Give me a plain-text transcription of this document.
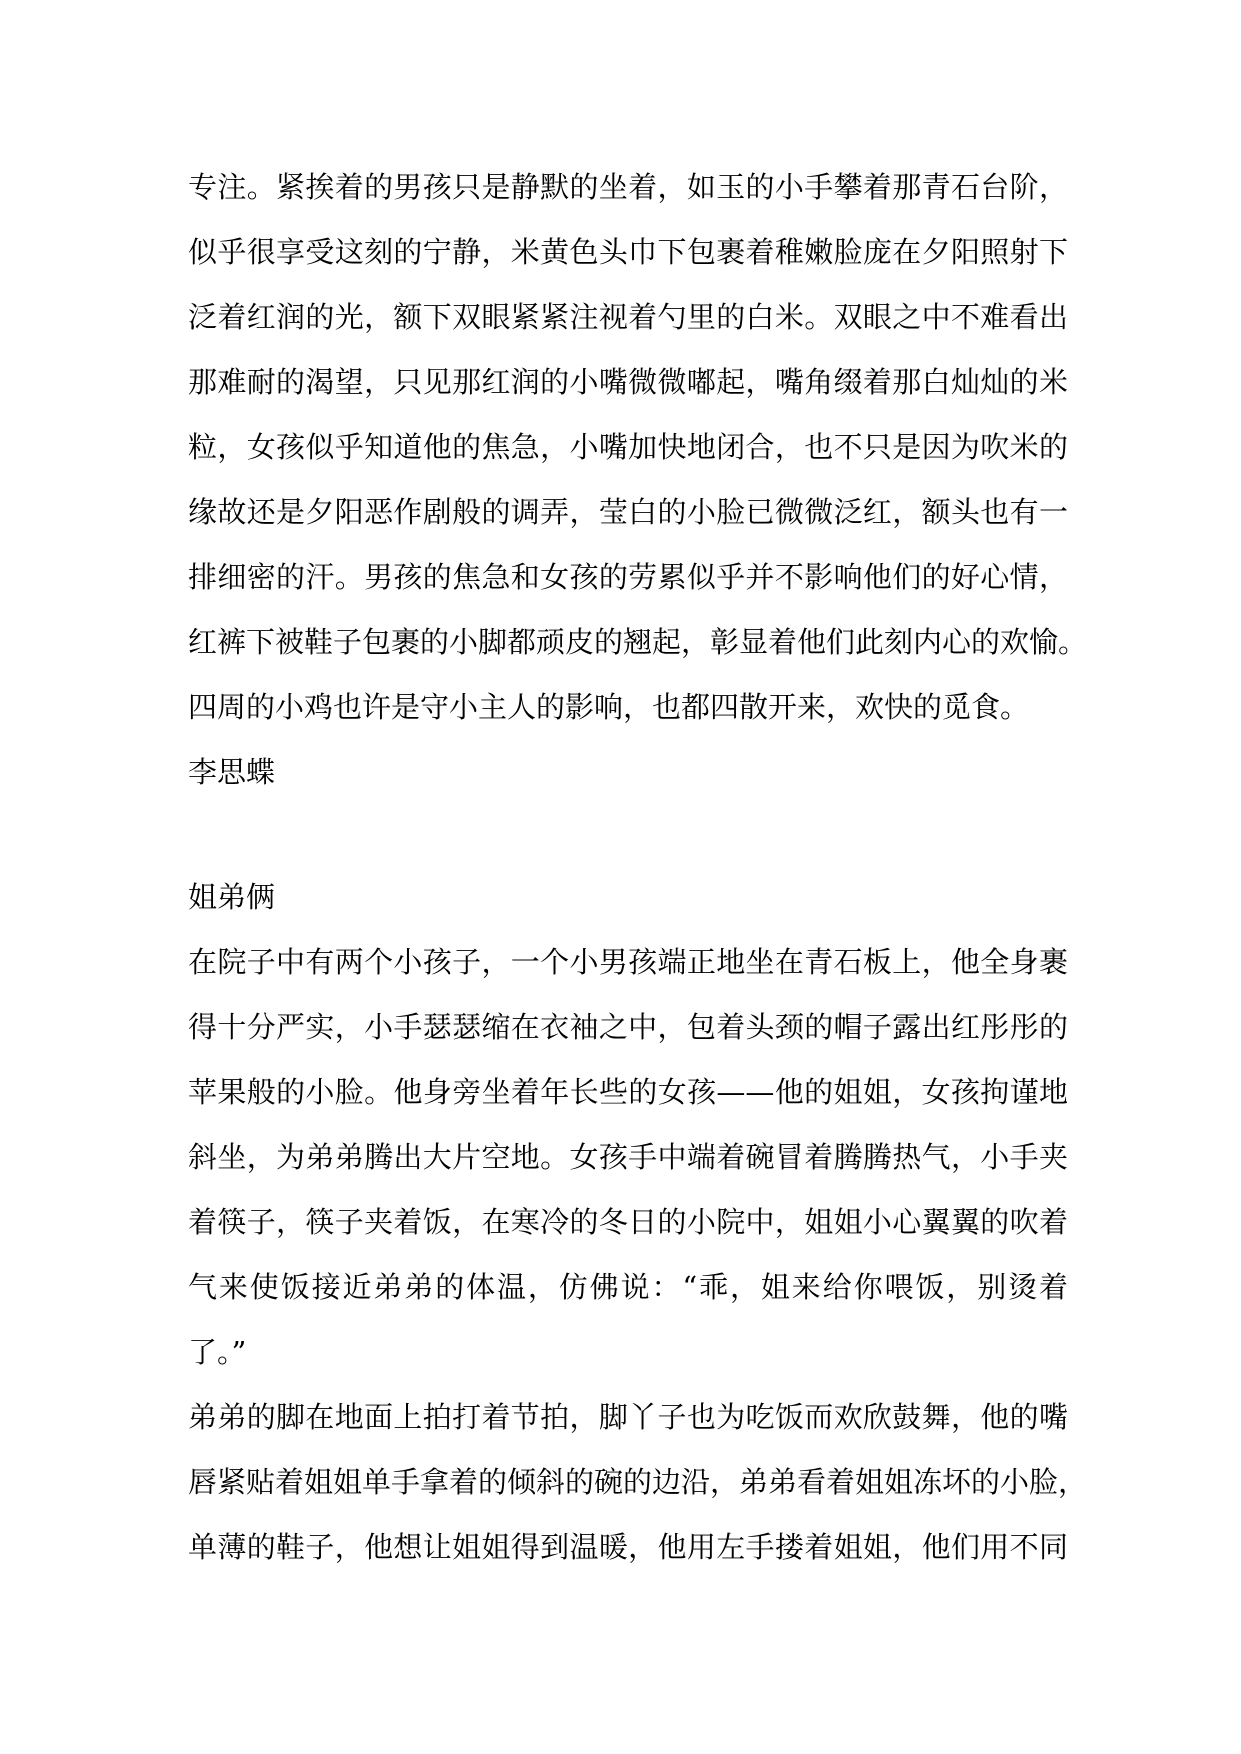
专注。紧挨着的男孩只是静默的坐着，如玉的小手攀着那青石台阶，
似乎很享受这刻的宁静，米黄色头巾下包裹着稚嫩脸庞在夕阳照射下
泛着红润的光，额下双眼紧紧注视着勺里的白米。双眼之中不难看出
那难耐的渴望，只见那红润的小嘴微微嘟起，嘴角缀着那白灿灿的米
粒，女孩似乎知道他的焦急，小嘴加快地闭合，也不只是因为吹米的
缘故还是夕阳恶作剧般的调弄，莹白的小脸已微微泛红，额头也有一
排细密的汗。男孩的焦急和女孩的劳累似乎并不影响他们的好心情，
红裤下被鞋子包裹的小脚都顽皮的翘起，彰显着他们此刻内心的欢愉。
四周的小鸡也许是守小主人的影响，也都四散开来，欢快的觅食。
李思蝶
姐弟俩
在院子中有两个小孩子，一个小男孩端正地坐在青石板上，他全身裹
得十分严实，小手瑟瑟缩在衣袖之中，包着头颈的帽子露出红彤彤的
苹果般的小脸。他身旁坐着年长些的女孩——他的姐姐，女孩拘谨地
斜坐，为弟弟腾出大片空地。女孩手中端着碗冒着腾腾热气，小手夹
着筷子，筷子夹着饭，在寒冷的冬日的小院中，姐姐小心翼翼的吹着
气来使饭接近弟弟的体温，仿佛说：“乖，姐来给你喂饭，别烫着
了。”
弟弟的脚在地面上拍打着节拍，脚丫子也为吃饭而欢欣鼓舞，他的嘴
唇紧贴着姐姐单手拿着的倾斜的碗的边沿，弟弟看着姐姐冻坏的小脸，
单薄的鞋子，他想让姐姐得到温暖，他用左手搂着姐姐，他们用不同
